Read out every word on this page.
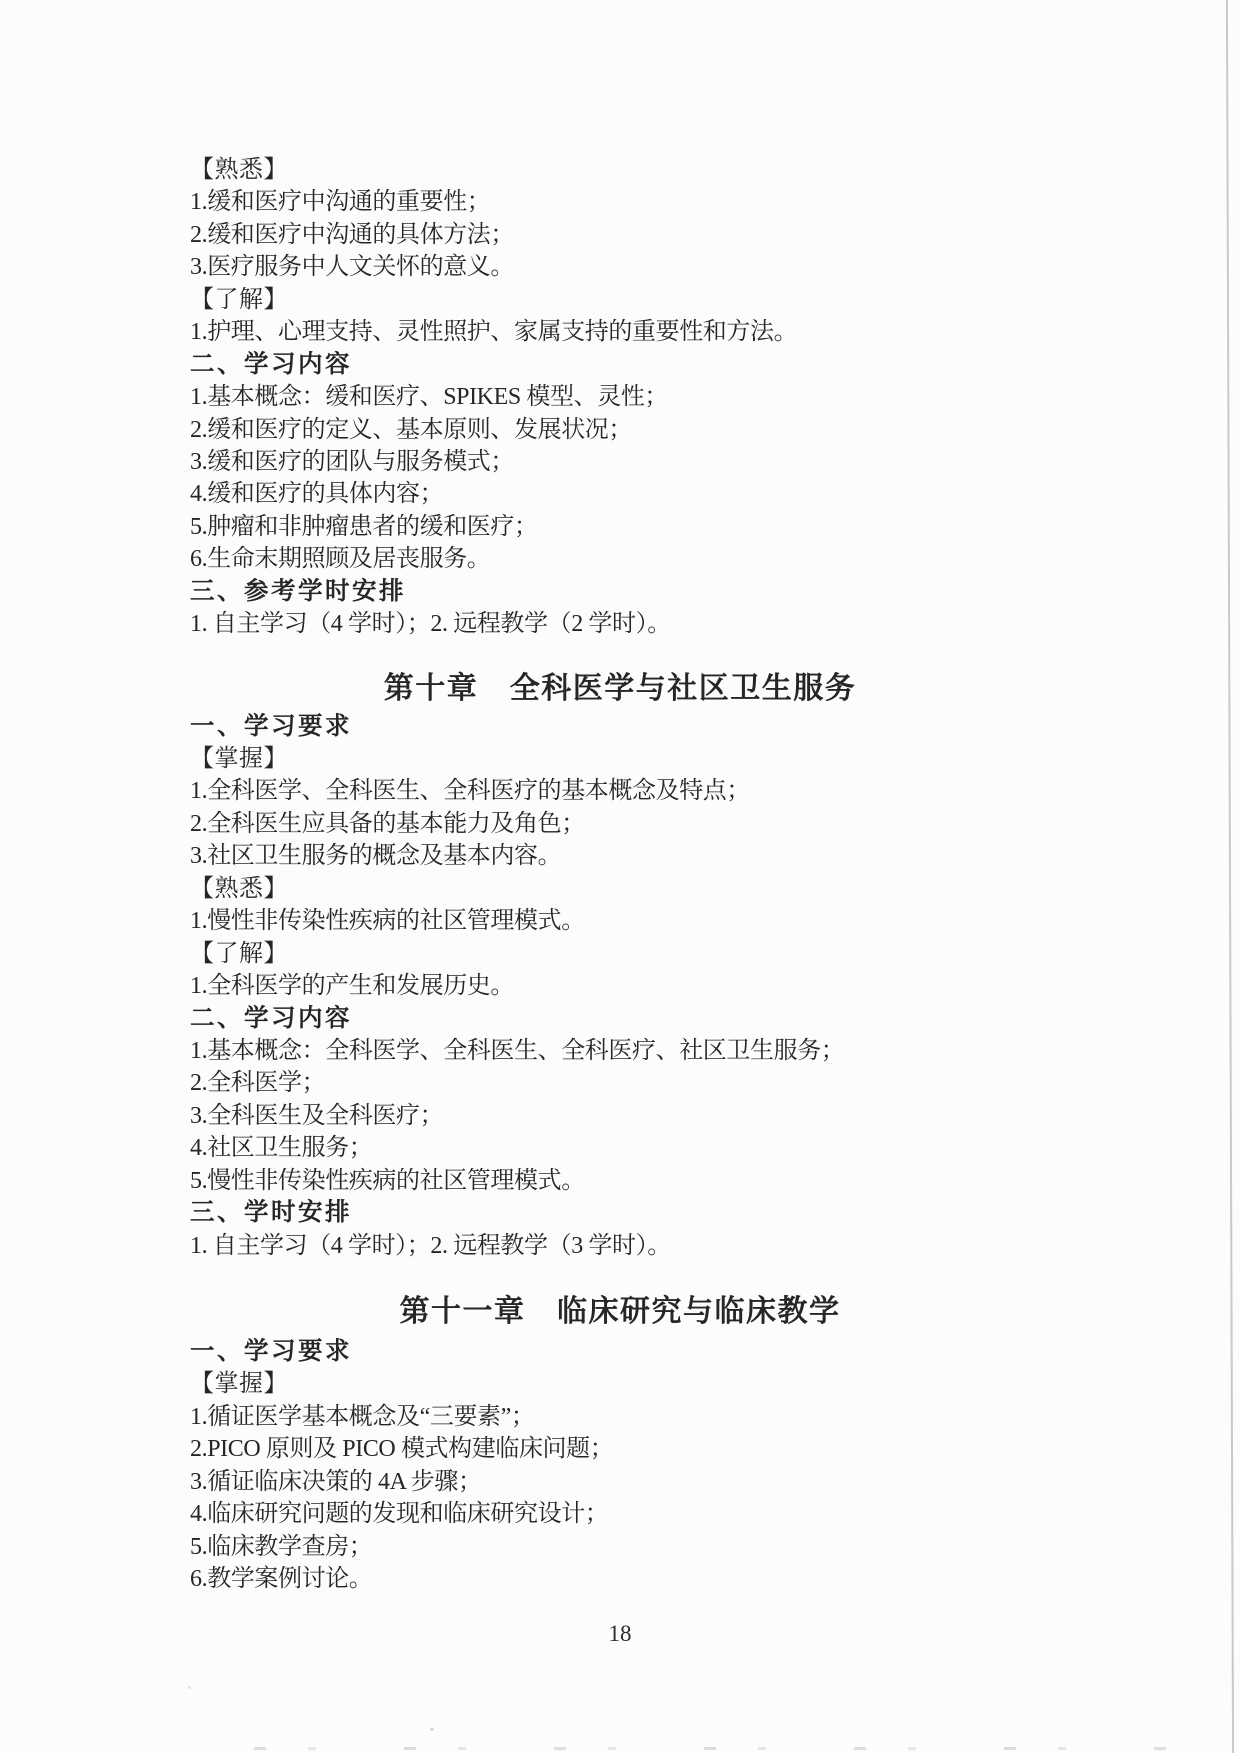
【熟悉】
1.缓和医疗中沟通的重要性；
2.缓和医疗中沟通的具体方法；
3.医疗服务中人文关怀的意义。
【了解】
1.护理、心理支持、灵性照护、家属支持的重要性和方法。
二、学习内容
1.基本概念：缓和医疗、SPIKES 模型、灵性；
2.缓和医疗的定义、基本原则、发展状况；
3.缓和医疗的团队与服务模式；
4.缓和医疗的具体内容；
5.肿瘤和非肿瘤患者的缓和医疗；
6.生命末期照顾及居丧服务。
三、参考学时安排
1. 自主学习（4 学时）；2. 远程教学（2 学时）。
第十章　全科医学与社区卫生服务
一、学习要求
【掌握】
1.全科医学、全科医生、全科医疗的基本概念及特点；
2.全科医生应具备的基本能力及角色；
3.社区卫生服务的概念及基本内容。
【熟悉】
1.慢性非传染性疾病的社区管理模式。
【了解】
1.全科医学的产生和发展历史。
二、学习内容
1.基本概念：全科医学、全科医生、全科医疗、社区卫生服务；
2.全科医学；
3.全科医生及全科医疗；
4.社区卫生服务；
5.慢性非传染性疾病的社区管理模式。
三、学时安排
1. 自主学习（4 学时）；2. 远程教学（3 学时）。
第十一章　临床研究与临床教学
一、学习要求
【掌握】
1.循证医学基本概念及“三要素”；
2.PICO 原则及 PICO 模式构建临床问题；
3.循证临床决策的 4A 步骤；
4.临床研究问题的发现和临床研究设计；
5.临床教学查房；
6.教学案例讨论。
18
